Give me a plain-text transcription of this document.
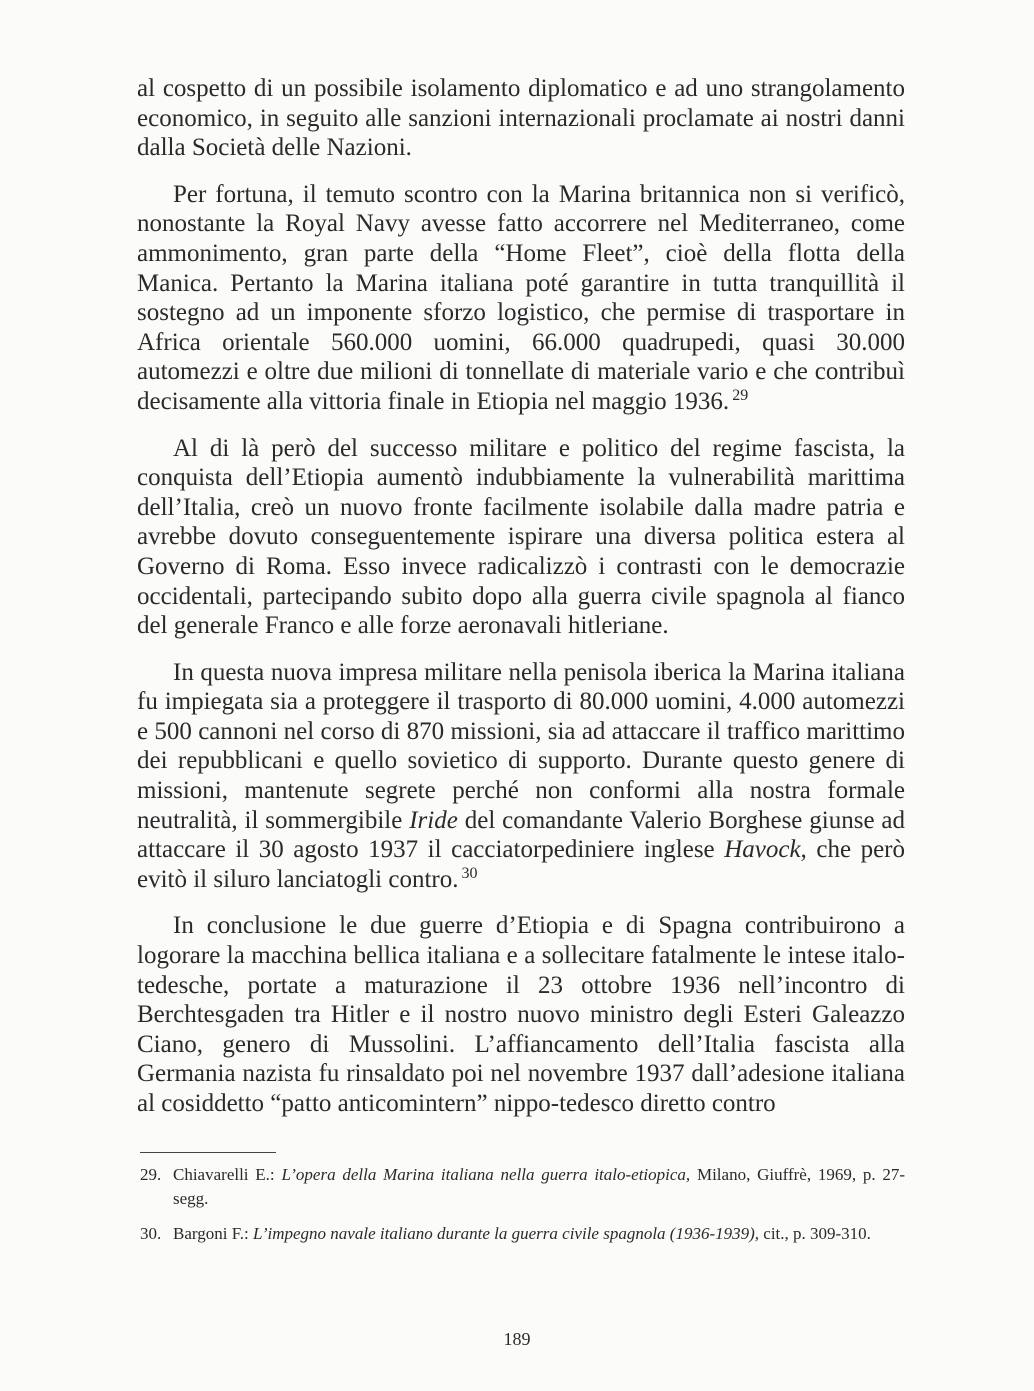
al cospetto di un possibile isolamento diplomatico e ad uno strangolamento economico, in seguito alle sanzioni internazionali proclamate ai nostri danni dalla Società delle Nazioni.

Per fortuna, il temuto scontro con la Marina britannica non si verificò, nonostante la Royal Navy avesse fatto accorrere nel Mediterraneo, come ammonimento, gran parte della “Home Fleet”, cioè della flotta della Manica. Pertanto la Marina italiana poté garantire in tutta tranquillità il sostegno ad un imponente sforzo logistico, che permise di trasportare in Africa orientale 560.000 uomini, 66.000 quadrupedi, quasi 30.000 automezzi e oltre due milioni di tonnellate di materiale vario e che contribuì decisamente alla vittoria finale in Etiopia nel maggio 1936. $^{29}$

Al di là però del successo militare e politico del regime fascista, la conquista dell’Etiopia aumentò indubbiamente la vulnerabilità marittima dell’Italia, creò un nuovo fronte facilmente isolabile dalla madre patria e avrebbe dovuto conseguentemente ispirare una diversa politica estera al Governo di Roma. Esso invece radicalizzò i contrasti con le democrazie occidentali, partecipando subito dopo alla guerra civile spagnola al fianco del generale Franco e alle forze aeronavali hitleriane.

In questa nuova impresa militare nella penisola iberica la Marina italiana fu impiegata sia a proteggere il trasporto di 80.000 uomini, 4.000 automezzi e 500 cannoni nel corso di 870 missioni, sia ad attaccare il traffico marittimo dei repubblicani e quello sovietico di supporto. Durante questo genere di missioni, mantenute segrete perché non conformi alla nostra formale neutralità, il sommergibile Iride del comandante Valerio Borghese giunse ad attaccare il 30 agosto 1937 il cacciatorpediniere inglese Havock, che però evitò il siluro lanciatogli contro. $^{30}$

In conclusione le due guerre d’Etiopia e di Spagna contribuirono a logorare la macchina bellica italiana e a sollecitare fatalmente le intese italo-tedesche, portate a maturazione il 23 ottobre 1936 nell’incontro di Berchtesgaden tra Hitler e il nostro nuovo ministro degli Esteri Galeazzo Ciano, genero di Mussolini. L’affiancamento dell’Italia fascista alla Germania nazista fu rinsaldato poi nel novembre 1937 dall’adesione italiana al cosiddetto “patto anticomintern” nippo-tedesco diretto contro

29. Chiavarelli E.: L’opera della Marina italiana nella guerra italo-etiopica, Milano, Giuffrè, 1969, p. 27-segg.
30. Bargoni F.: L’impegno navale italiano durante la guerra civile spagnola (1936-1939), cit., p. 309-310.
189
